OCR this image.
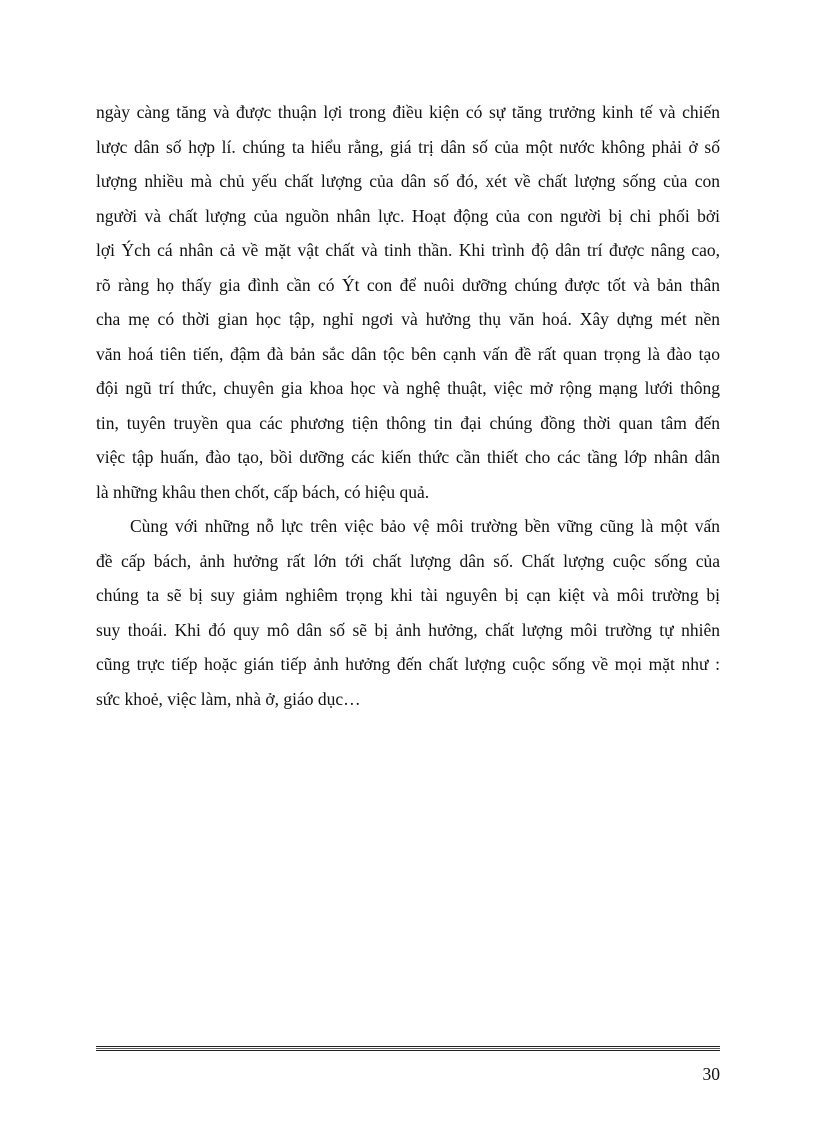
ngày càng tăng và được thuận lợi trong điều kiện có sự tăng trưởng kinh tế và chiến
lược dân số hợp lí. chúng ta hiểu rằng, giá trị dân số của một nước không phải ở số
lượng nhiều mà chủ yếu chất lượng của dân số đó, xét về chất lượng sống của con
người và chất lượng của nguồn nhân lực. Hoạt động của con người bị chi phối bởi
lợi Ých cá nhân cả về mặt vật chất và tinh thần. Khi trình độ dân trí được nâng cao,
rõ ràng họ thấy gia đình cần có Ýt con để nuôi dưỡng chúng được tốt và bản thân
cha mẹ có thời gian học tập, nghỉ ngơi và hưởng thụ văn hoá. Xây dựng mét nền
văn hoá tiên tiến, đậm đà bản sắc dân tộc bên cạnh vấn đề rất quan trọng là đào tạo
đội ngũ trí thức, chuyên gia khoa học và nghệ thuật, việc mở rộng mạng lưới thông
tin, tuyên truyền qua các phương tiện thông tin đại chúng đồng thời quan tâm đến
việc tập huấn, đào tạo, bồi dưỡng các kiến thức cần thiết cho các tầng lớp nhân dân
là những khâu then chốt, cấp bách, có hiệu quả.
Cùng với những nỗ lực trên việc bảo vệ môi trường bền vững cũng là một vấn
đề cấp bách, ảnh hưởng rất lớn tới chất lượng dân số. Chất lượng cuộc sống của
chúng ta sẽ bị suy giảm nghiêm trọng khi tài nguyên bị cạn kiệt và môi trường bị
suy thoái. Khi đó quy mô dân số sẽ bị ảnh hưởng, chất lượng môi trường tự nhiên
cũng trực tiếp hoặc gián tiếp ảnh hưởng đến chất lượng cuộc sống về mọi mặt như :
sức khoẻ, việc làm, nhà ở, giáo dục…
30
